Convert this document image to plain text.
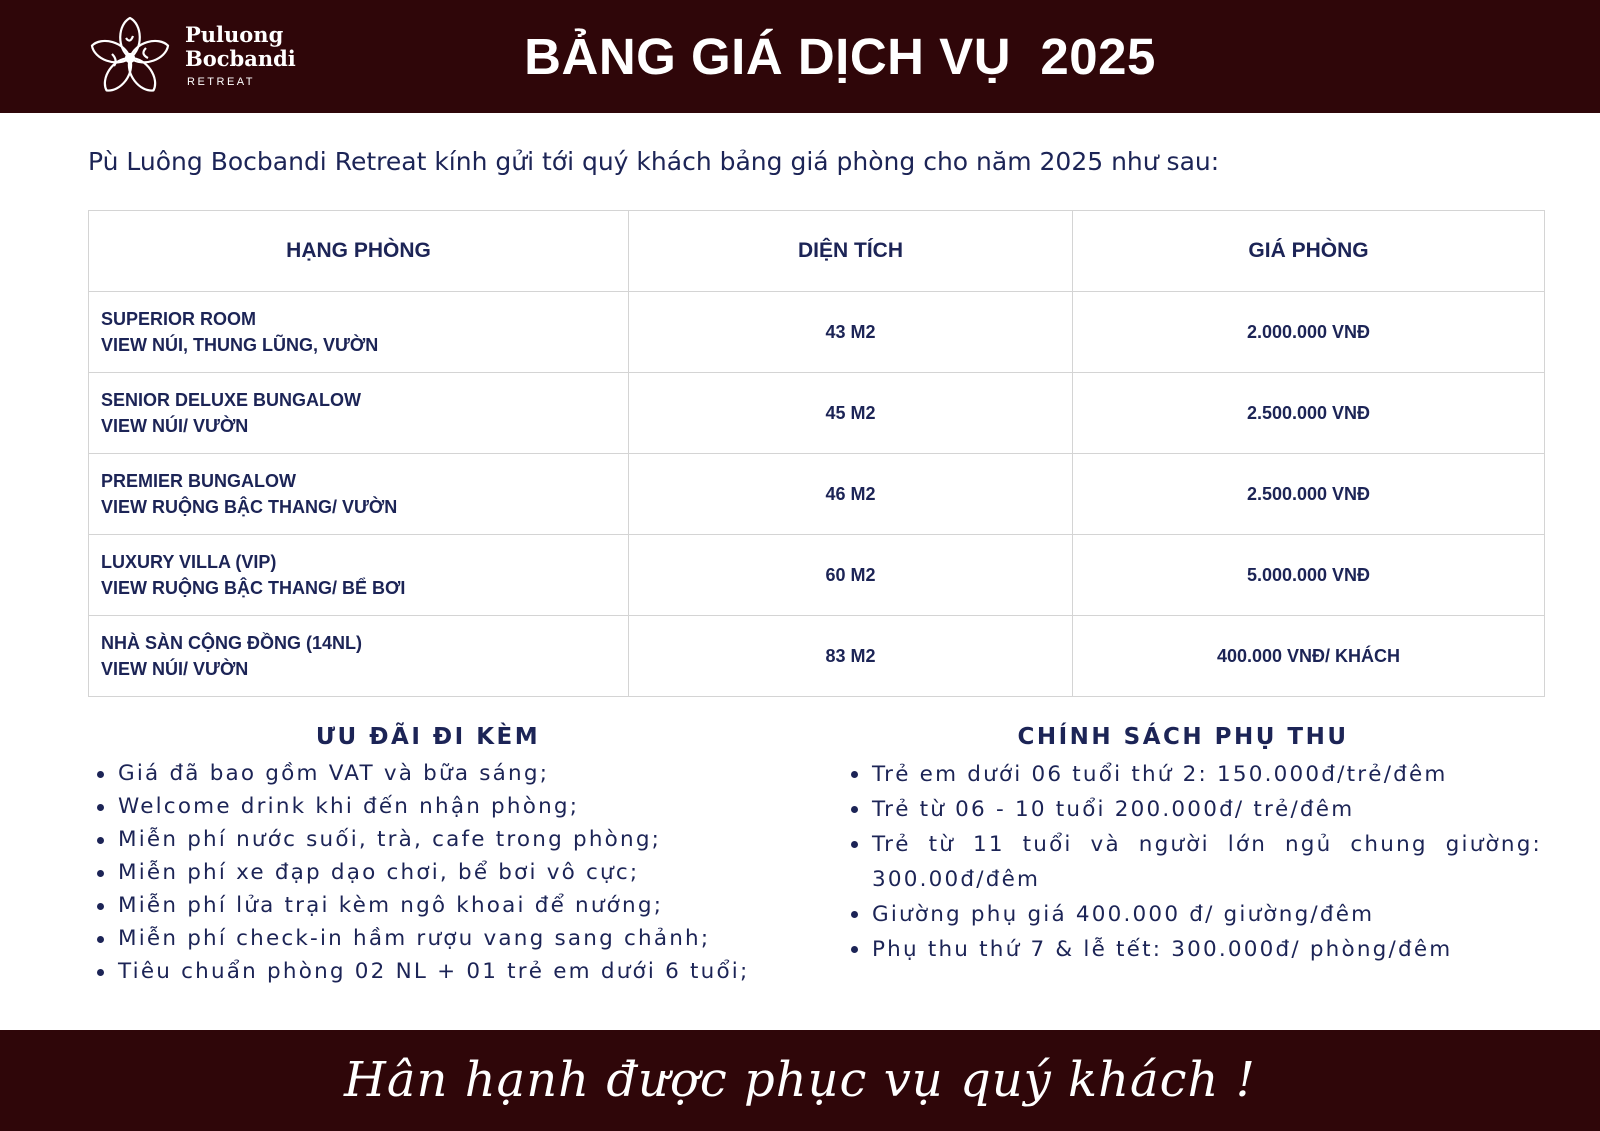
Puluong
Bocbandi
RETREAT	BẢNG GIÁ DỊCH VỤ  2025
Pù Luông Bocbandi Retreat kính gửi tới quý khách bảng giá phòng cho năm 2025 như sau:
HẠNG PHÒNG	DIỆN TÍCH	GIÁ PHÒNG

SUPERIOR ROOM
VIEW NÚI, THUNG LŨNG, VƯỜN	43 M2	2.000.000 VNĐ

SENIOR DELUXE BUNGALOW
VIEW NÚI/ VƯỜN	45 M2	2.500.000 VNĐ

PREMIER BUNGALOW
VIEW RUỘNG BẬC THANG/ VƯỜN	46 M2	2.500.000 VNĐ

LUXURY VILLA (VIP)
VIEW RUỘNG BẬC THANG/ BỂ BƠI	60 M2	5.000.000 VNĐ

NHÀ SÀN CỘNG ĐỒNG (14NL)
VIEW NÚI/ VƯỜN	83 M2	400.000 VNĐ/ KHÁCH
ƯU ĐÃI ĐI KÈM
Giá đã bao gồm VAT và bữa sáng;
Welcome drink khi đến nhận phòng;
Miễn phí nước suối, trà, cafe trong phòng;
Miễn phí xe đạp dạo chơi, bể bơi vô cực;
Miễn phí lửa trại kèm ngô khoai để nướng;
Miễn phí check-in hầm rượu vang sang chảnh;
Tiêu chuẩn phòng 02 NL + 01 trẻ em dưới 6 tuổi;
CHÍNH SÁCH PHỤ THU
Trẻ em dưới 06 tuổi thứ 2: 150.000đ/trẻ/đêm
Trẻ từ 06 - 10 tuổi 200.000đ/ trẻ/đêm
Trẻ từ 11 tuổi và người lớn ngủ chung giường: 300.00đ/đêm
Giường phụ giá 400.000 đ/ giường/đêm
Phụ thu thứ 7 & lễ tết: 300.000đ/ phòng/đêm
Hân hạnh được phục vụ quý khách !
